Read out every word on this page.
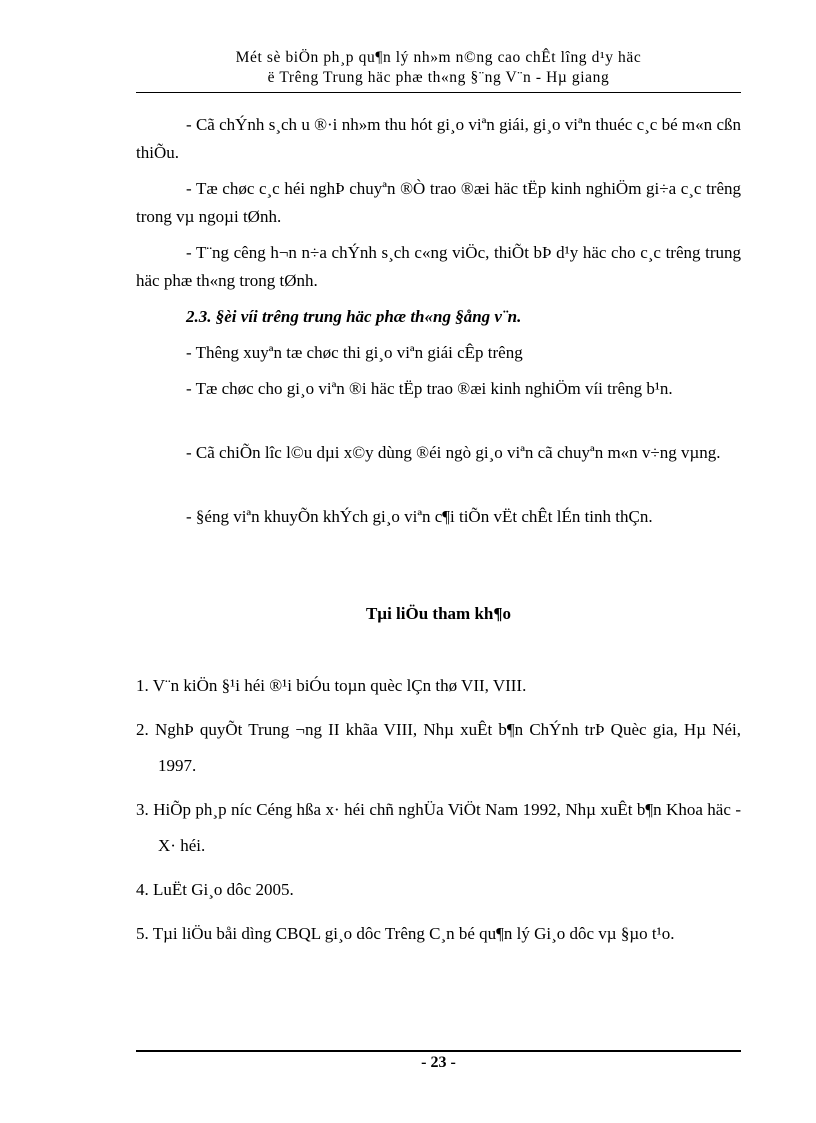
Mét sè biÖn ph¸p qu¶n lý nh»m n©ng cao chÊt lîng d¹y häc
ë Trêng Trung häc phæ th«ng §¨ng V¨n - Hµ giang
- Cã chÝnh s¸ch u ®·i nh»m thu hót gi¸o viªn giái, gi¸o viªn thuéc c¸c bé m«n cßn thiÕu.
- Tæ chøc c¸c héi nghÞ chuyªn ®Ò trao ®æi häc tËp kinh nghiÖm gi÷a c¸c trêng trong vµ ngoµi tØnh.
- T¨ng cêng h¬n n÷a chÝnh s¸ch c«ng viÖc, thiÕt bÞ d¹y häc cho c¸c trêng trung häc phæ th«ng trong tØnh.
2.3. §èi víi trêng trung häc phæ th«ng §ång v¨n.
- Thêng xuyªn tæ chøc thi gi¸o viªn giái cÊp trêng
- Tæ chøc cho gi¸o viªn ®i häc tËp trao ®æi kinh nghiÖm víi trêng b¹n.
- Cã chiÕn lîc l©u dµi x©y dùng ®éi ngò gi¸o viªn cã chuyªn m«n v÷ng vµng.
- §éng viªn khuyÕn khÝch gi¸o viªn c¶i tiÕn vËt chÊt lÉn tinh thÇn.
Tµi liÖu tham kh¶o
1. V¨n kiÖn §¹i héi ®¹i biÓu toµn quèc lÇn thø VII, VIII.
2. NghÞ quyÕt Trung ¬ng II khãa VIII, Nhµ xuÊt b¶n ChÝnh trÞ Quèc gia, Hµ Néi, 1997.
3. HiÕp ph¸p níc Céng hßa x· héi chñ nghÜa ViÖt Nam 1992, Nhµ xuÊt b¶n Khoa häc - X· héi.
4. LuËt Gi¸o dôc 2005.
5. Tµi liÖu båi dìng CBQL gi¸o dôc Trêng C¸n bé qu¶n lý Gi¸o dôc vµ §µo t¹o.
- 23 -
